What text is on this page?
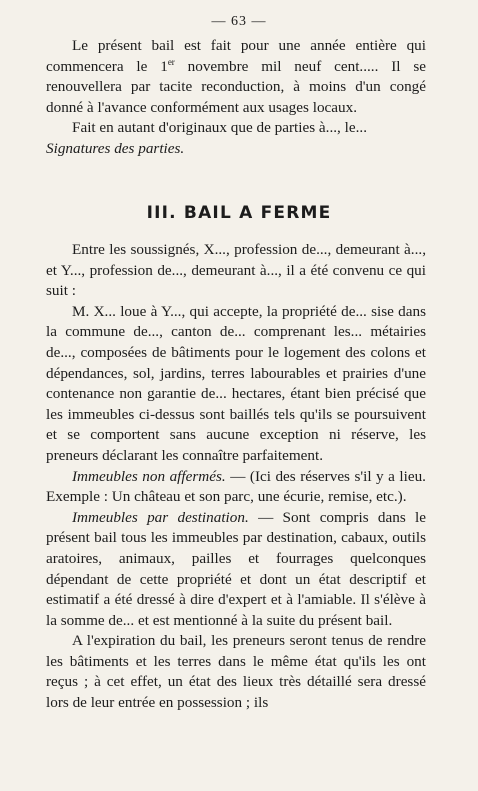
— 63 —

Le présent bail est fait pour une année entière qui commencera le 1er novembre mil neuf cent..... Il se renouvellera par tacite reconduction, à moins d'un congé donné à l'avance conformément aux usages locaux.

Fait en autant d'originaux que de parties à..., le...

Signatures des parties.

III. BAIL A FERME

Entre les soussignés, X..., profession de..., demeurant à..., et Y..., profession de..., demeurant à..., il a été convenu ce qui suit :

M. X... loue à Y..., qui accepte, la propriété de... sise dans la commune de..., canton de... comprenant les... métairies de..., composées de bâtiments pour le logement des colons et dépendances, sol, jardins, terres labourables et prairies d'une contenance non garantie de... hectares, étant bien précisé que les immeubles ci-dessus sont baillés tels qu'ils se poursuivent et se comportent sans aucune exception ni réserve, les preneurs déclarant les connaître parfaitement.

Immeubles non affermés. — (Ici des réserves s'il y a lieu. Exemple : Un château et son parc, une écurie, remise, etc.).

Immeubles par destination. — Sont compris dans le présent bail tous les immeubles par destination, cabaux, outils aratoires, animaux, pailles et fourrages quelconques dépendant de cette propriété et dont un état descriptif et estimatif a été dressé à dire d'expert et à l'amiable. Il s'élève à la somme de... et est mentionné à la suite du présent bail.

A l'expiration du bail, les preneurs seront tenus de rendre les bâtiments et les terres dans le même état qu'ils les ont reçus ; à cet effet, un état des lieux très détaillé sera dressé lors de leur entrée en possession ; ils
